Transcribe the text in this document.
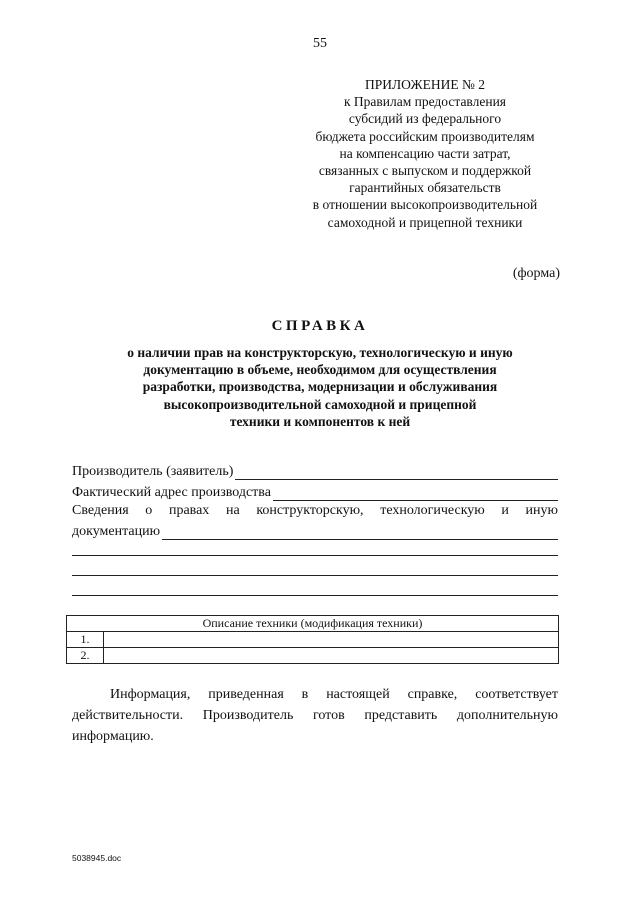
55
ПРИЛОЖЕНИЕ № 2
к Правилам предоставления
субсидий из федерального
бюджета российским производителям
на компенсацию части затрат,
связанных с выпуском и поддержкой
гарантийных обязательств
в отношении высокопроизводительной
самоходной и прицепной техники
(форма)
СПРАВКА
о наличии прав на конструкторскую, технологическую и иную
документацию в объеме, необходимом для осуществления
разработки, производства, модернизации и обслуживания
высокопроизводительной самоходной и прицепной
техники и компонентов к ней
Производитель (заявитель)
Фактический адрес производства
Сведения о правах на конструкторскую, технологическую и иную
документацию
Описание техники (модификация техники)	
1.	
2.	
Информация, приведенная в настоящей справке, соответствует
действительности. Производитель готов представить дополнительную
информацию.
5038945.doc
